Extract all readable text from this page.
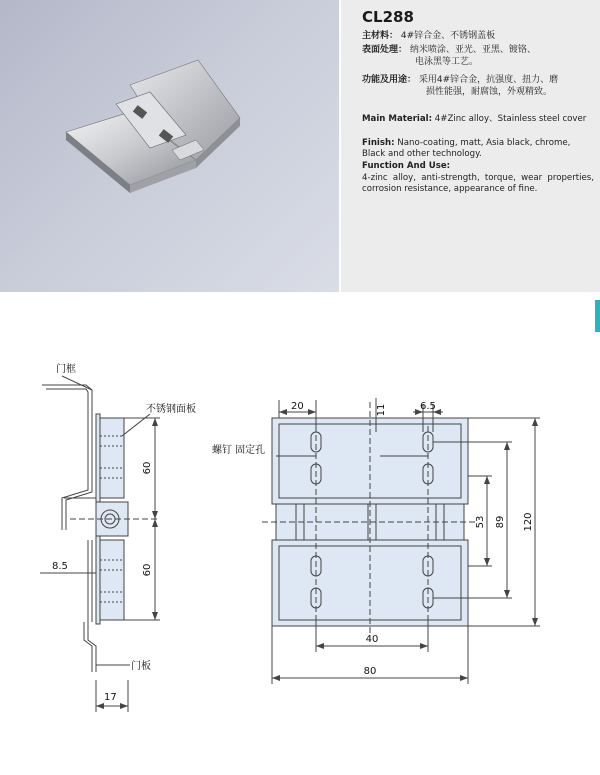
CL288
主材料： 4#锌合金、不锈钢盖板
表面处理： 纳米喷涂、亚光、亚黑、镀铬、
电泳黑等工艺。
功能及用途： 采用4#锌合金，抗强度、扭力、磨
损性能强，耐腐蚀，外观精致。
Main Material: 4#Zinc alloy、Stainless steel cover
Finish: Nano-coating, matt, Asia black, chrome, Black and other technology.
Function And Use:
4-zinc alloy, anti-strength, torque, wear properties, corrosion resistance, appearance of fine.
门框
不锈钢面板
门板
60
60
8.5
17
20	11	6.5
螺钉 固定孔
53 89 120
40
80
